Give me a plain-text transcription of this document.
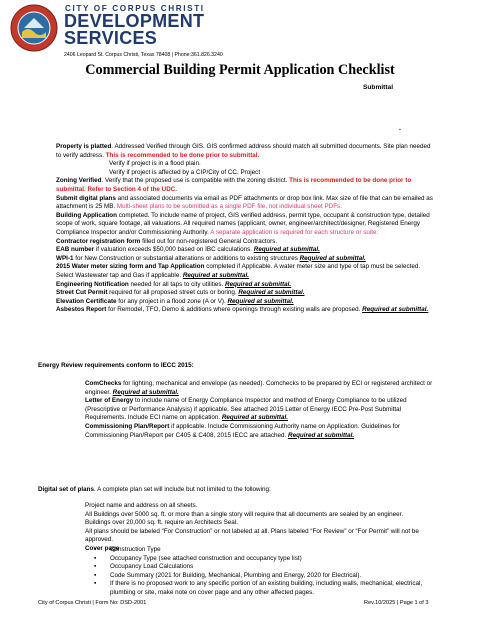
CITY OF CORPUS CHRISTI
DEVELOPMENT
SERVICES
2406 Leopard St. Corpus Christi, Texas 78408 | Phone:361.826.3240
Commercial Building Permit Application Checklist
Submittal
.
Property is platted. Addressed Verified through GIS. GIS confirmed address should match all submitted documents. Site plan needed to verify address. This is recommended to be done prior to submittal.
Verify if project is in a flood plain.
Verify if project is affected by a CIP/City of CC. Project
Zoning Verified. Verify that the proposed use is compatible with the zoning district. This is recommended to be done prior to submittal. Refer to Section 4 of the UDC.
Submit digital plans and associated documents via email as PDF attachments or drop box link. Max size of file that can be emailed as attachment is 25 MB. Multi-sheet plans to be submitted as a single PDF file, not individual sheet PDFs.
Building Application completed. To include name of project, GIS verified address, permit type, occupant & construction type, detailed scope of work, square footage, all valuations. All required names (applicant, owner, engineer/architect/designer, Registered Energy Compliance Inspector and/or Commissioning Authority. A separate application is required for each structure or suite.
Contractor registration form filled out for non-registered General Contractors.
EAB number if valuation exceeds $50,000 based on IBC calculations. Required at submittal.
WPI-1 for New Construction or substantial alterations or additions to existing structures Required at submittal.
2015 Water meter sizing form and Tap Application completed if Applicable. A water meter size and type of tap must be selected. Select Wastewater tap and Gas if applicable. Required at submittal.
Engineering Notification needed for all taps to city utilities. Required at submittal.
Street Cut Permit required for all proposed street cuts or boring. Required at submittal.
Elevation Certificate for any project in a flood zone (A or V). Required at submittal.
Asbestos Report for Remodel, TFO, Demo & additions where openings through existing walls are proposed. Required at submittal.
Energy Review requirements conform to IECC 2015:
ComChecks for lighting, mechanical and envelope (as needed). Comchecks to be prepared by ECI or registered architect or engineer. Required at submittal.
Letter of Energy to include name of Energy Compliance Inspector and method of Energy Compliance to be utilized (Prescriptive or Performance Analysis) if applicable. See attached 2015 Letter of Energy IECC Pre-Post Submittal Requirements. Include ECI name on application. Required at submittal.
Commissioning Plan/Report if applicable. Include Commissioning Authority name on Application. Guidelines for Commissioning Plan/Report per C405 & C408, 2015 IECC are attached. Required at submittal.
Digital set of plans. A complete plan set will include but not limited to the following:
Project name and address on all sheets.
All Buildings over 5000 sq. ft. or more than a single story will require that all documents are sealed by an engineer.
Buildings over 20,000 sq. ft. require an Architects Seal.
All plans should be labeled “For Construction” or not labeled at all. Plans labeled “For Review” or “For Permit” will not be approved.
Cover page
▪ Construction Type
▪ Occupancy Type (see attached construction and occupancy type list)
▪ Occupancy Load Calculations
▪ Code Summary (2021 for Building, Mechanical, Plumbing and Energy, 2020 for Electrical).
▪ If there is no proposed work to any specific portion of an existing building, including walls, mechanical, electrical, plumbing or site, make note on cover page and any other affected pages.
City of Corpus Christi | Form No: DSD-2001	Rev.10/2025 | Page 1 of 3
